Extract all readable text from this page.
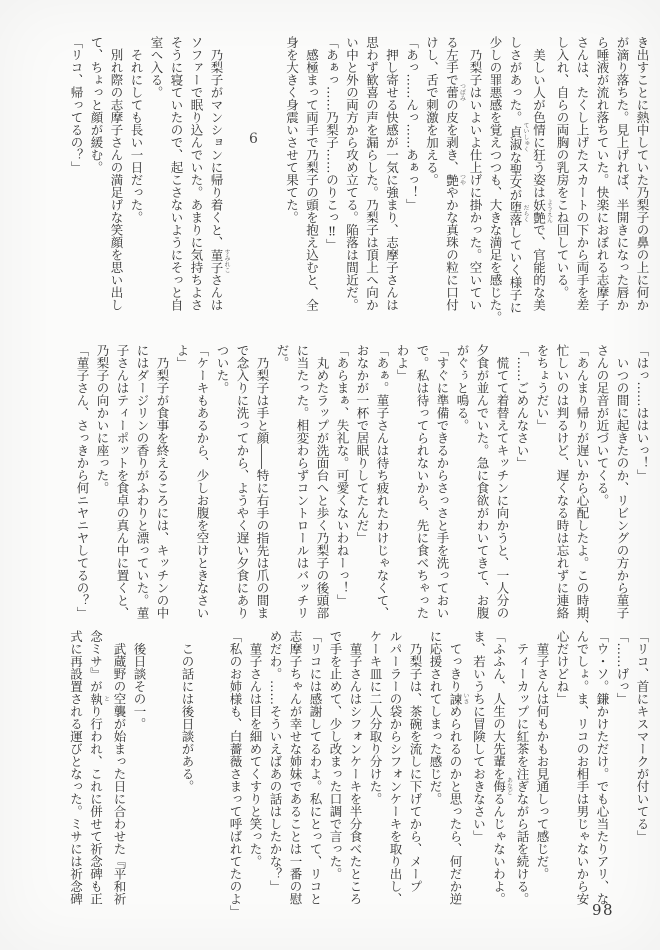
き出すことに熱中していた乃梨子の鼻の上に何か

が滴り落ちた。見上げれば、半開きになった唇か

ら唾液が流れ落ちていた。快楽におぼれる志摩子

さんは、たくし上げたスカートの下から両手を差

し入れ、自らの両胸の乳房をこね回している。

　美しい人が色情に狂う姿は妖艶 ようえんで、官能的な美

しさがあった。貞淑 ていしゅくな聖女が堕落 だらくしていく様子に

少しの罪悪感を覚えつつも、大きな満足を感じた。

　乃梨子はいよいよ仕上げに掛かった。空いてい

る左手で蕾 つぼみの皮を剥き、艶 つややかな真珠の粒に口付

けし、舌で刺激を加える。

「あっ……んっ……あぁっ！」

　押し寄せる快感が一気に強まり、志摩子さんは

思わず歓喜の声を漏らした。乃梨子は頂上へ向か

い中と外の両方から攻め立てる。陥落は間近だ。

「あぁっ……乃梨子……のりこっ‼」

　感極まって両手で乃梨子の頭を抱え込むと、全

身を大きく身震いさせて果てた。

6

　乃梨子がマンションに帰り着くと、菫子 すみれこさんは

ソファーで眠り込んでいた。あまりに気持ちよさ

そうに寝ていたので、起こさないようにそっと自

室へ入る。

　それにしても長い一日だった。

　別れ際の志摩子さんの満足げな笑顔を思い出し

て、ちょっと顔が緩む。

「リコ、帰ってるの？」

「はっ……ははいっ！」

　いつの間に起きたのか、リビングの方から菫子

さんの足音が近づいてくる。

「あんまり帰りが遅いから心配したよ。この時期、

忙しいのは判るけど、遅くなる時は忘れずに連絡

をちょうだい」

「……ごめんなさい」

　慌てて着替えてキッチンに向かうと、一人分の

夕食が並んでいた。急に食欲がわいてきて、お腹

がぐぅと鳴る。

「すぐに準備できるからさっさと手を洗っておい

で。私は待ってられないから、先に食べちゃった

わよ」

「あぁ。菫子さんは待ち疲れたわけじゃなくて、

おなかが一杯で居眠りしてたんだ」

「あらまぁ、失礼な。可愛くないわねーっ！」

　丸めたラップが洗面台へと歩く乃梨子の後頭部

に当たった。相変わらずコントロールはバッチリ

だ。

　乃梨子は手と顔――特に右手の指先は爪の間ま

で念入りに洗ってから、ようやく遅い夕食にあり

ついた。

「ケーキもあるから、少しお腹を空けときなさい

よ」

　乃梨子が食事を終えるころには、キッチンの中

にはダージリンの香りがふわりと漂っていた。菫

子さんはティーポットを食卓の真ん中に置くと、

乃梨子の向かいに座った。

「菫子さん、さっきから何ニヤニヤしてるの？」

「リコ、首にキスマークが付いてる」

「……げっ」

「ウ・ソ。鎌かけただけ。でも心当たりアリ、な

んでしょ。ま、リコのお相手は男じゃないから安

心だけどね」

　菫子さんは何もかもお見通しって感じだ。

　ティーカップに紅茶を注ぎながら話を続ける。

「ふふん、人生の大先輩を侮 あなどるんじゃないわよ。

ま、若いうちに冒険しておきなさい」

　てっきり諫 いさめられるのかと思ったら、何だか逆

に応援されてしまった感じだ。

　乃梨子は、茶碗を流しに下げてから、メープ

ルパーラーの袋からシフォンケーキを取り出し、

ケーキ皿に二人分取り分けた。

　菫子さんはシフォンケーキを半分食べたところ

で手を止めて、少し改まった口調で言った。

「リコには感謝してるわよ。私にとって、リコと

志摩子ちゃんが幸せな姉妹であることは一番の慰

めだわ。……そういえばあの話はしたかな？」

　菫子さんは目を細めてくすりと笑った。

「私のお姉様も、白薔薇さまって呼ばれてたのよ」

　この話には後日談がある。

　後日談その一。

　武蔵野の空襲が始まった日に合わせた『平和祈

念ミサ』が執 とり行われ、これに併せて祈念碑も正

式に再設置される運びとなった。ミサには祈念碑

98
